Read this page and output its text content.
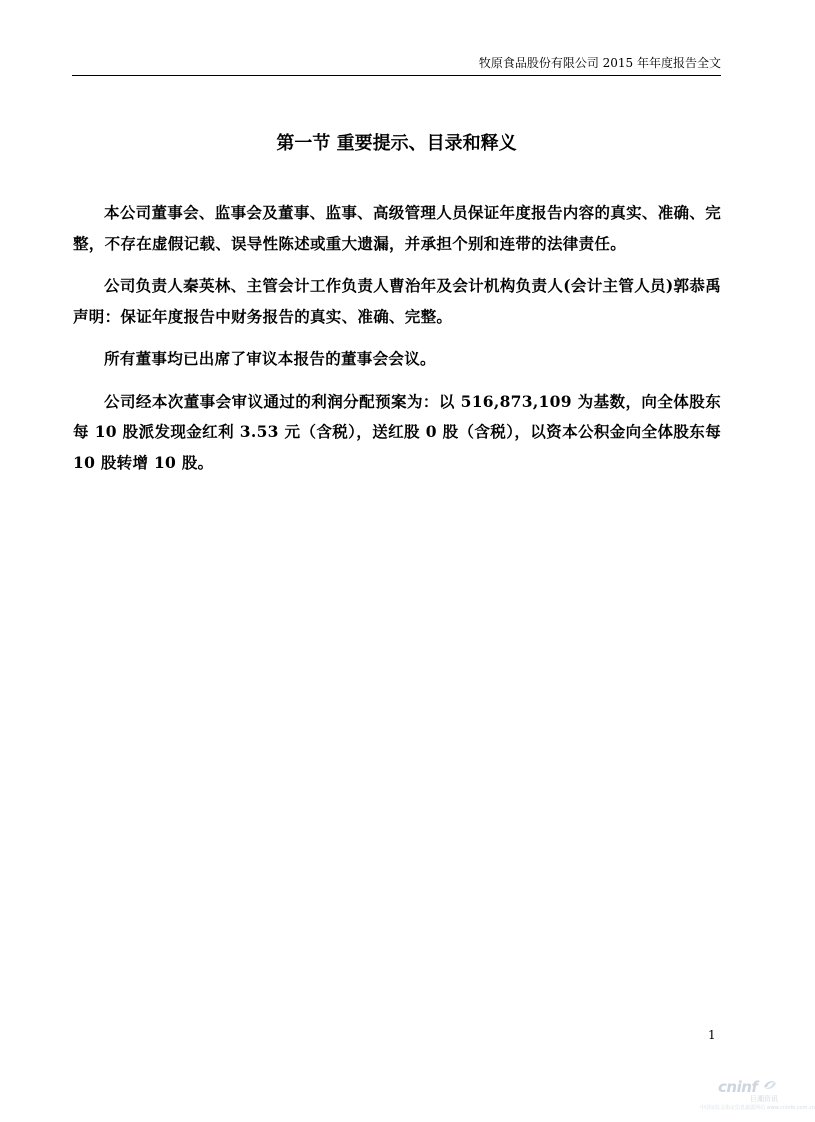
牧原食品股份有限公司 2015 年年度报告全文
第一节 重要提示、目录和释义

本公司董事会、监事会及董事、监事、高级管理人员保证年度报告内容的真实、准确、完整，不存在虚假记载、误导性陈述或重大遗漏，并承担个别和连带的法律责任。

公司负责人秦英林、主管会计工作负责人曹治年及会计机构负责人(会计主管人员)郭恭禹声明：保证年度报告中财务报告的真实、准确、完整。

所有董事均已出席了审议本报告的董事会会议。

公司经本次董事会审议通过的利润分配预案为：以 516,873,109 为基数，向全体股东每 10 股派发现金红利 3.53 元（含税），送红股 0 股（含税），以资本公积金向全体股东每 10 股转增 10 股。

1
cninf
巨潮资讯
中国证监会指定信息披露网站 www.cninfo.com.cn
